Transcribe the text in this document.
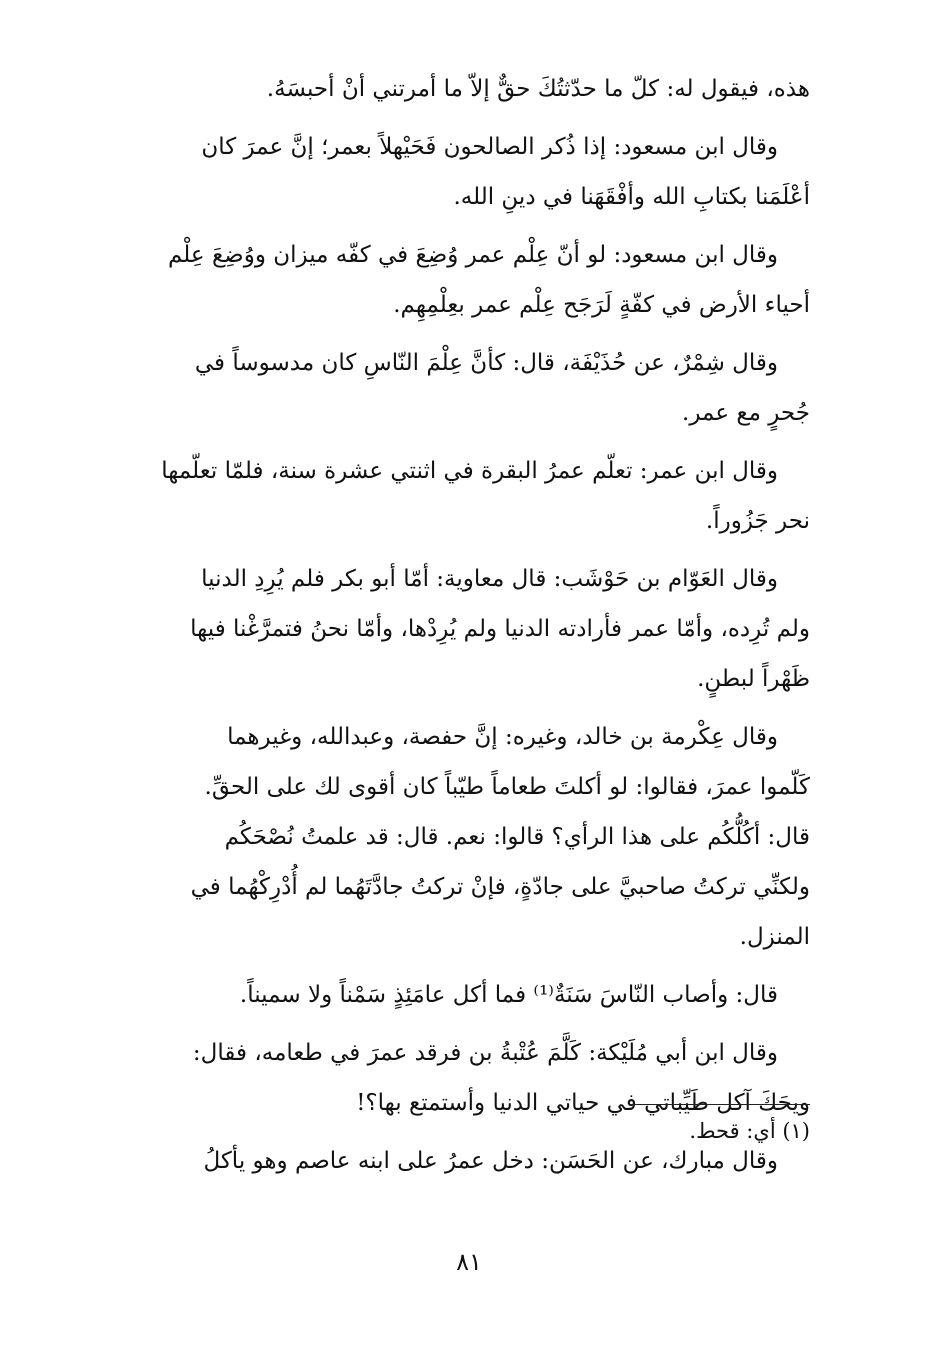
هذه، فيقول له: كلّ ما حدّثتُكَ حقٌّ إلاّ ما أمرتني أنْ أحبسَهُ.
وقال ابن مسعود: إذا ذُكر الصالحون فَحَيْهلاً بعمر؛ إنَّ عمرَ كان
أعْلَمَنا بكتابِ الله وأفْقَهَنا في دينِ الله.
وقال ابن مسعود: لو أنّ عِلْم عمر وُضِعَ في كفّه ميزان ووُضِعَ عِلْم
أحياء الأرض في كفّةٍ لَرَجَح عِلْم عمر بعِلْمِهِم.
وقال شِمْرٌ، عن حُذَيْفَة، قال: كأنَّ عِلْمَ النّاسِ كان مدسوساً في
جُحرٍ مع عمر.
وقال ابن عمر: تعلّم عمرُ البقرة في اثنتي عشرة سنة، فلمّا تعلّمها
نحر جَزُوراً.
وقال العَوّام بن حَوْشَب: قال معاوية: أمّا أبو بكر فلم يُرِدِ الدنيا
ولم تُرِده، وأمّا عمر فأرادته الدنيا ولم يُرِدْها، وأمّا نحنُ فتمرَّغْنا فيها
ظَهْراً لبطنٍ.
وقال عِكْرمة بن خالد، وغيره: إنَّ حفصة، وعبدالله، وغيرهما
كَلّموا عمرَ، فقالوا: لو أكلتَ طعاماً طيّباً كان أقوى لك على الحقِّ.
قال: أكُلُّكُم على هذا الرأي؟ قالوا: نعم. قال: قد علمتُ نُصْحَكُم
ولكنِّي تركتُ صاحبيَّ على جادّةٍ، فإنْ تركتُ جادَّتَهُما لم أُدْرِكْهُما في
المنزل.
قال: وأصاب النّاسَ سَنَةٌ⁽¹⁾ فما أكل عامَئِذٍ سَمْناً ولا سميناً.
وقال ابن أبي مُلَيْكة: كَلَّمَ عُتْبةُ بن فرقد عمرَ في طعامه، فقال:
ويحَكَ آكل طَيِّباتي في حياتي الدنيا وأستمتع بها؟!
وقال مبارك، عن الحَسَن: دخل عمرُ على ابنه عاصم وهو يأكلُ
(١) أي: قحط.
٨١
